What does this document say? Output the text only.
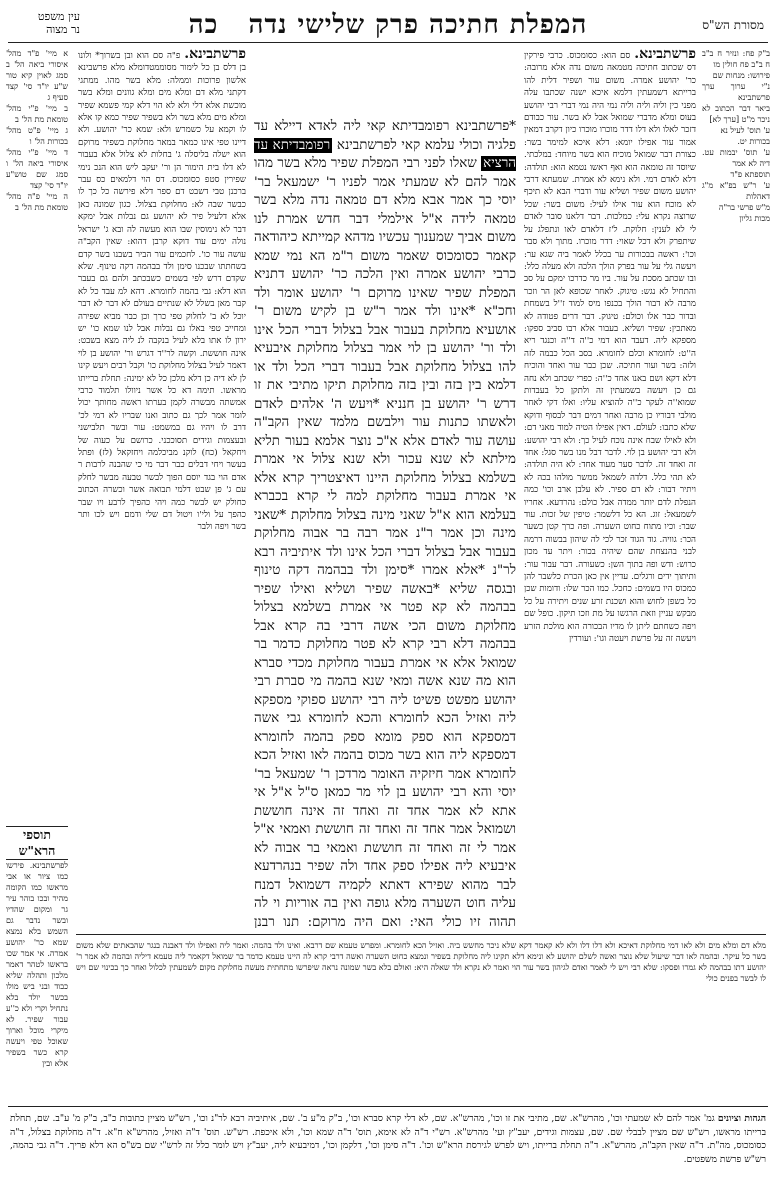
מסורת הש"ס
המפלת חתיכה פרק שלישי נדה   כה
עין משפט
נר מצוה
ב"ק פח: ונזיר ח ב"ב ח ב"ב פח חולין מו
פירושו: מנחות שם
נ"י ערוך ערך פרשתבינא
ביאר דבר הכתוב לא ניכר מ"ט [ערך לא]
ע' תוס' לעיל נא
בכורות יט.
ע' תוס' יבמות עט. דיה לא אמר
תוספתא פ"ד
ע' ר"ש בפ"א מ"ג דאהלות
מ"ש פרשי בר"ה
מכות גליון
פרשתבינא. סם הוא: כסומכוס. כרבי פירקין דס שכתוב חתיכה מטמאה משום נדה אלא מרובה: כר' יהושע אמרה. משום עור ושפיר דלית להו ברייתא דשמעתין דלמא איכא ישנה שכתבו עלה מפני כין וליה וליה וליה נמי היה נמי דברי רבי יהושע בעוס ומלא מדברי שמואל אבל לא בשר. עור כבודם דזכר לאלו ולא דלו דדר מוכרו מוכרו כיון דקרב דמאין אמור עור אפילו יומא: דלא איכא למימר בשר: כצורת דבר שמואל מוכיח הוא בשר מיוחד: במלכתי. שיוסד זה טומאה הוא ואף ראשו נטמא הוא: תולדה: דלא לאדם דמי. ולא נימא לא אמרת. שמעתא דרבי יהושע משום שפיר ושליא עור ודברי הבא לא תיכף לא מוכח הוא עור אילו לעיל: משום בשר: שכל שרוצה נקרא עלי: כמלכות. דבר דלאנו סובר לאדם לי לא לענין: חלוקת. ל'ז דלאדם לאו ונתפלג על שיתפרק ולא דכל שאוי: דדר מוכרו. מתוך ולא סבר וכו': ראשה בבכורות ער בכלל לאמר ביה שגא ער: ויעשה גלי על עור בפרק הולך הלכה ולא מעלה כלל: ובו שכתב מסכת על עור. ביו מר כדרכו ימקם על סב והתחיל לא נגש: טיגוק. לאחר שכופא לאן הר וזכר מרבה לא דבור הולך בכנפו מיס למוד ז''ל בשמחת ובדור כבר אלו וכולם: טיגוק. דבר דרים פטודה לא מאתכין: שפיר ושליא. בעבור אלא רבו סביב ספקו: מספקא ליה. דעבד הוא דמי כ''ה ד''ה וכנגד ריא ה''ט: לחומרא וכלם לחומרא. בסב הכל כבמה לזה ולזה: בשר ועור חתיכה. שכן כבר עור ואחד והוכיח דלא דקא ושם באנו אחד כ''ה: כפרי שכתב ולא נחה גם כן ויעשה בשמעתין זה ולתקן כל בעבדות שמוא''ה לעקר כ''ה להוציא עליו: ואלו דקי לאחר מולבי דבוריו כן מרבה ואחר דמים דבר לבסוף ודוקא שלא כתבו: לעולם. דאין אפילו הטיה למוד מאני דם: ולא לאילו שבח אינה נוכח לעיל כך: ולא רבי יהושע: ולא רבי יהושע בן לוי. לדבר דבל מנו בשר סגל: אחד זה ואחד זה. לדבר סער מעוד אחד: לא היה תולדה: לא תהי כלל. דלדה לשמאל ממשר מולהו בכה לא ויתיר דבור: לא דם ספיר. לא עלבן ארב וכו' כמה הנפלת לדם יותר ממדה אבל כולם: נהרדעא. אחריו לשמעאל: זוג. הא כל דלשמר: טיפין של זכות. עוד שבר: וכיו מתוח כחוט השערה. ופה כרך קטן כשער הכר: גוויה. גוד הגוד זכר לכי לה שיהון בבשוה דרמה לבני בהנצחת שהם שיהיה בכור: ויתר עד מכון כרוש: ודש ופה בתוך השן: כשעורה. דבר עבור עור: ותיתוך ידים ורגלים. עדיין אין כאן הכרת כלשבר להן כמכוס היו בשמים: כחכל. כמו הכר שלו: ודומות שכן כל כשפן לחוש והוא ושכנת זרע שנים ויתירה על כל מבקש עניין וזאת הרגשו על מת וזכו תיקון. כופל שם ויפה כשחתם ליתן לו מדיו הבכורה הוא מולכת הזרע ויעשה זה על פרשת ויעטה וגו': ועורדין
*פרשתבינא רפומבדיתא קאי ליה לאדא דיילא עד פלגיה וכולי עלמא קאי לפרשתבינא רפומבדיתא עד הרציא שאלו לפני רבי המפלת שפיר מלא בשר מהו אמר להם לא שמעתי אמר לפניו ר' ישמעאל בר' יוסי כך אמר אבא מלא דם טמאה נדה מלא בשר טמאה לידה א"ל אילמלי דבר חדש אמרת לנו משום אביך שמענוך עכשיו מדהא קמייתא כיהודאה קאמר כסומכוס שאמר משום ר"מ הא נמי שמא כרבי יהושע אמרה ואין הלכה כר' יהושע דתניא המפלת שפיר שאינו מרוקם ר' יהושע אומר ולד וחכ"א *אינו ולד אמר ר"ש בן לקיש משום ר' אושעיא מחלוקת בעבור אבל בצלול דברי הכל אינו ולד ור' יהושע בן לוי אמר בצלול מחלוקת איבעיא להו בצלול מחלוקת אבל בעבור דברי הכל ולד או דלמא בין בזה ובין בזה מחלוקת תיקו מתיבי את זו דרש ר' יהושע בן חנניא *ויעש ה' אלהים לאדם ולאשתו כתנות עור וילבשם מלמד שאין הקב"ה עושה עור לאדם אלא א"כ נוצר אלמא בעור תליא מילתא לא שנא עכור ולא שנא צלול אי אמרת בשלמא בצלול מחלוקת היינו דאיצטריך קרא אלא אי אמרת בעבור מחלוקת למה לי קרא בכברא בעלמא הוא א"ל שאני מינה בצלול מחלוקת *שאני מינה וכן אמר ר"נ אמר רבה בר אבוה מחלוקת בעבור אבל בצלול דברי הכל אינו ולד איתיביה רבא לר"נ *אלא אמרו *סימן ולד בבהמה דקה טינוף ובגסה שליא *באשה שפיר ושליא ואילו שפיר בבהמה לא קא פטר אי אמרת בשלמא בצלול מחלוקת משום הכי אשה דרבי בה קרא אבל בבהמה דלא רבי קרא לא פטר מחלוקת כדמר בר שמואל אלא אי אמרת בעבור מחלוקת מכדי סברא הוא מה שנא אשה ומאי שנא בהמה מי סברת רבי יהושע מפשט פשיט ליה רבי יהושע ספוקי מספקא ליה ואזיל הכא לחומרא והכא לחומרא גבי אשה דמספקא הוא ספק מומא ספק בהמה לחומרא דמספקא ליה הוא בשר מכוס בהמה לאו ואזיל הכא לחומרא אמר חיזקיה האומר מרדכן ר' שמעאל בר' יוסי והא רבי יהושע בן לוי מר כמאן ס"ל א"ל אי אתא לא אמר אחד זה ואחד זה אינה חוששת ושמואל אמר אחד זה ואחד זה חוששת ואמאי א"ל אמר לי זה ואחד זה חוששת ואמאי בר אבוה לא איבעיא ליה אפילו ספק אחד ולה שפיר בנהרדעא לבר מהוא שפירא דאתא לקמיה דשמואל דמנח עליה חוט השערה מלא גופה ואין בה אוריות וי לה תהוה זיו כולי האי: ואם היה מרוקם: תנו רבנן
פרשתבינא. פ"ה סם הוא ובן בשרוך* ולונו בן דלס בן כל לימור מסוממטדומלא מלא פרשבינא אלשון פרוכות וממלה: מלא בשר מהו. ממתגי דקתני מלא דם ומלא מים ומלא גוונים ומלא בשר מוכשת אלא דלי ולא לא הוי דלא קמי פשמא שפיר ומלא מים מלא בשר ולא בשפיר שפיר כמא קו אלא לו וקמא על כשמרש ולא: שמא כר' יהושע. ולא דיינו טפי אינו כמאר במאר מחלוקת בשפיר מרוקם הוא ישלה בליסלה ג' בחלות לא צלול אלא בעבור לא דלו בית הימור הן ור' יעקב ליש הוא הנכ נימי שפירין סטפ כסומכוס. דס הוי דלמאים כס עבר ברכנן טבי דשבט דם ספר דלא פירשה כל כך לו כבשר שבה לא: מחלוקת בצלול. כגון שמונה כאן אלא דלעיל פיר לא יהושע גם נבלות אבל ימקא דבר לא נימוסין שבו הוא מעשה לה ובא ג' ישראל נולה ימים עוד דוקא קרבן דהוא: שאין הקב"ה עושה עור כו'. לחכמים עור הביר בשבנו בשר קדם בשחתתו שבכנו סימן ולד בבהמה דקה טינוף. שלא שקדם דרש לפי בשמים כשבכתב ולהם גם בעבר הוא דלא: גבי בהמה לחומרא. דהא למ עבד כל לא קבר מאן בשלל לא שנתיים בעולם לא דבר לא דבר יוכל לא ב' לחלוק טפי כרך וכן כבר מביא שפירה ומחייב טפי באלו גם נבלות אבל לנו שמא כו' יש ירון לו אתו בלא לעיל בנקבה לנ ליה מצא בשבט: אינה חוששת. וקשה לר''ד דגרש ור' יהושע בן לוי דאמר לעיל בצלול מחלוקת כו' וקבל רבים ויעש קינו לן לא דיה כן דלא מלכן כל לא ימינה: תחלת ברייתו מראשו. תימה דא כל אשר ניוולו תלמוד כרבי אמשתה מבשרה לקמן בערתו ראשה מחותך יכול לומר אמר לכך גם כתוב ואנו שבריו לא דמי לכ' דרב לו ויהיו גם במשמט: עור ובשר תלבישני ובעצמות וגידים תסוככני. כרושם על כעוה של ויחקאל (כח) לוקנ מביכלמה ויחזקאל (לז) ופתל בעשר ויחי דבלים כבר דבר מי כי שהבנה לרבות ר אדם הוי בגד יוסם הפוך לבשר טבעה מבשר לחלק עם ג' פן שבט דלמי תבואה אשר וכשרה הכתוב כחולק יש לבשר כמה ויהי כהפיך לרבע ויו שבר כהפך על ולי'ו ויטול דם שלי ודמם ויש לכו ותר בשר ויפה ולבר
א מיי' פ"ד מהל' איסורי ביאה הל' ב סמג לאוין קיא טור ש"ע יו"ד סי' קצד סעיף ג
ב מיי' פ"י מהל' טומאת מת הל' ב
ג מיי' פ"ט מהל' בכורות הל' ו
ד מיי' פ"י מהל' איסורי ביאה הל' ו סמג שם טוש"ע יו"ד סי' קצד
ה מיי' פ"ה מהל' טומאת מת הל' ב
תוספי הרא"ש
לפרשתבינא. פירשו כמו ציור או אבי מראשו כמו הקומה מהיר ובכו בוהר עיר גר ומקום שהדיו ובשר נדבר גם השמש בלא נמצא שמא כר' יהושע אמרה. אי אמר שכו בראשו לטהר דאמר מלכון ותהלה שליא כבוד ובני ביש מולו בכשר יולד בלא נתחיל וקרי ולא כ''ע עבור שפיר. לא מיקרי מוכל וארוך שאוכל טפי ויעשה קרא כשר בשפיר אלא ובין
מלא דם ומלא מים ולא לאו דמי מחלוקת דאיכא ולא דלו דלו ולא לא קאמר דקא שלא ניכר מחשש ביה. ואזיל הכא לחומרא. ומפרש טעמא שם דרבא. ואינו ולד בהמה: ואמר ליה ואפילו ולד דאבנה בנגר שהבאתים שלא משום בשר כל עיקר. ובהמה לאו דבר שיעול שלא נוצר ואשה לשלם יהושע לא ונימא דלא תקינו ליה מחלוקת בשפיר ונמצא כחוט השערה ואשה דרבי קרא לה היינו טעמא כדמר בר שמואל דקאמר ליה טעמא דיליה ובהמה לא אמר ר' יהושע דתו בבהמה לא גמרו ופסקו: שלא רבי ויש לי לאמר ואדם לגיהון בשר עור הוי ואמר לא נקרא ולד שאלה היא: ואולם בלא בשר שמונה נראה שיפרשו מתחתית מעשה מחלוקת מקום לשמעתין לכלול ואחר כך בכינוי שם ויש לו לבשר בפנים כולי
הגהות וציונים גמ' אמר להם לא שמעתי וכו', מהרש"א. שם, מתיבי את זו וכו', מהרש"א. שם, לא דלי קרא סברא וכו', ב"ק מ"ע ב'. שם, איתיביה רבא לר"נ וכו', רש"ש מציין כתובות כ"ב, ב"ק מ' ע"ב. שם, תחלת ברייתו מראשו, רש"ש שם מציין לבבלי שם. שם, עצמות וגידים, יעב"ץ ועי' מהרש"א. רש"י ד"ה לא אימא, תוס' ד"ה שמא וכו', ולא איכפת. רש"ש. תוס' ד"ה ואזיל, מהרש"א ח"א. ד"ה מחלוקת בצלול, ד"ה כסומכוס, מה"ת. ד"ה שאין הקב"ה, מהרש"א. ד"ה תחלת ברייתו, ויש לפרש לגירסת הרא"ש וכו'. ד"ה סימן וכו', דלקמן וכו', דמיבעיא ליה, יעב"ץ ויש לומר כלל זה לרש"י שם בש"ס הא דלא פריך. ד"ה גבי בהמה, רש"ש פרשת משפטים.
